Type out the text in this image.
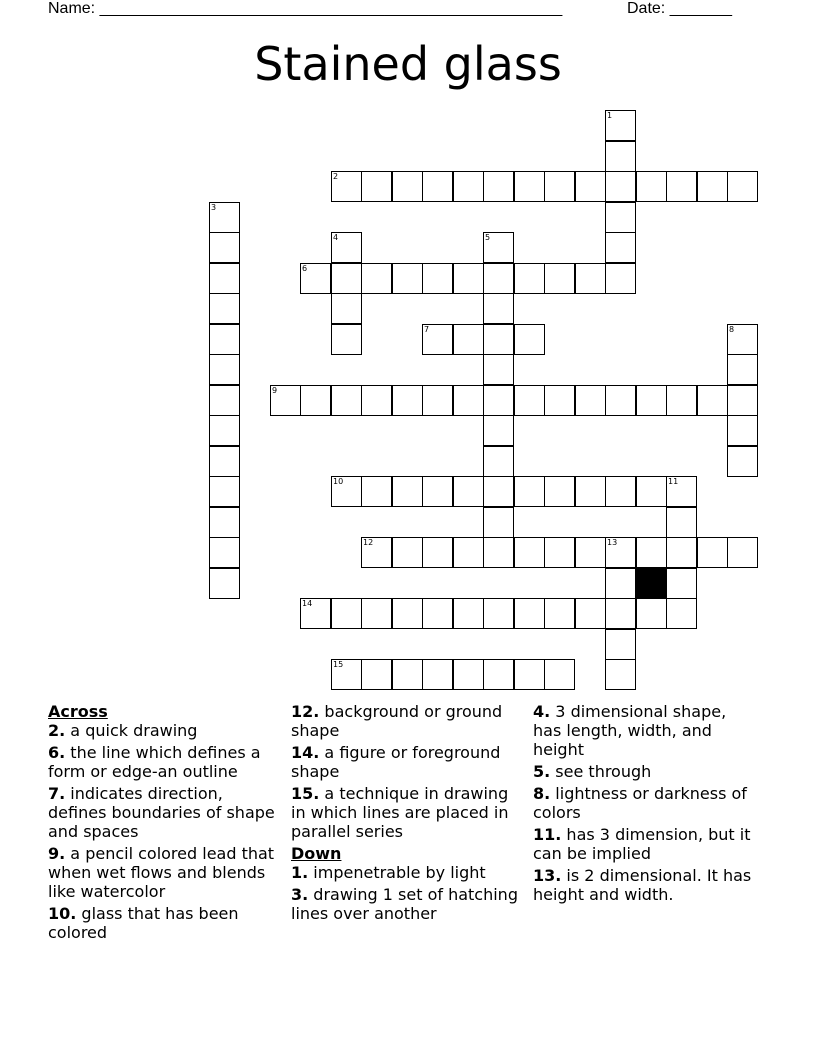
Name: ____________________________________________________	Date: _______
Stained glass
1
2
3
4	5
6
7	8
9
10	11
12	13
14
15
Across
2. a quick drawing
6. the line which defines a form or edge-an outline
7. indicates direction, defines boundaries of shape and spaces
9. a pencil colored lead that when wet flows and blends like watercolor
10. glass that has been colored
12. background or ground shape
14. a figure or foreground shape
15. a technique in drawing in which lines are placed in parallel series
Down
1. impenetrable by light
3. drawing 1 set of hatching lines over another
4. 3 dimensional shape, has length, width, and height
5. see through
8. lightness or darkness of colors
11. has 3 dimension, but it can be implied
13. is 2 dimensional. It has height and width.
